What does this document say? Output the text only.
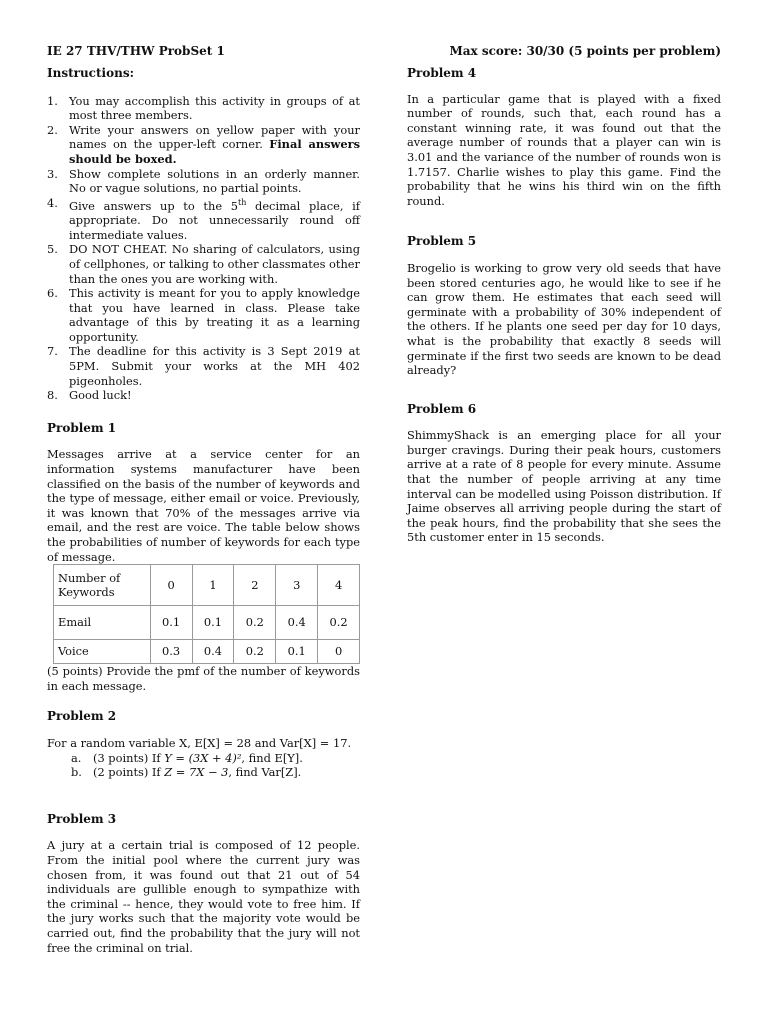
IE 27 THV/THW ProbSet 1	Max score: 30/30 (5 points per problem)
Instructions:
1. You may accomplish this activity in groups of at most three members.
2. Write your answers on yellow paper with your names on the upper-left corner. Final answers should be boxed.
3. Show complete solutions in an orderly manner. No or vague solutions, no partial points.
4. Give answers up to the 5th decimal place, if appropriate. Do not unnecessarily round off intermediate values.
5. DO NOT CHEAT. No sharing of calculators, using of cellphones, or talking to other classmates other than the ones you are working with.
6. This activity is meant for you to apply knowledge that you have learned in class. Please take advantage of this by treating it as a learning opportunity.
7. The deadline for this activity is 3 Sept 2019 at 5PM. Submit your works at the MH 402 pigeonholes.
8. Good luck!
Problem 1

Messages arrive at a service center for an information systems manufacturer have been classified on the basis of the number of keywords and the type of message, either email or voice. Previously, it was known that 70% of the messages arrive via email, and the rest are voice. The table below shows the probabilities of number of keywords for each type of message.

Number of Keywords	0	1	2	3	4
Email	0.1	0.1	0.2	0.4	0.2
Voice	0.3	0.4	0.2	0.1	0

(5 points) Provide the pmf of the number of keywords in each message.

Problem 2

For a random variable X, E[X] = 28 and Var[X] = 17.

a. (3 points) If Y = (3X + 4)², find E[Y].
b. (2 points) If Z = 7X − 3, find Var[Z].
Problem 3

A jury at a certain trial is composed of 12 people. From the initial pool where the current jury was chosen from, it was found out that 21 out of 54 individuals are gullible enough to sympathize with the criminal -- hence, they would vote to free him. If the jury works such that the majority vote would be carried out, find the probability that the jury will not free the criminal on trial.

Problem 4

In a particular game that is played with a fixed number of rounds, such that, each round has a constant winning rate, it was found out that the average number of rounds that a player can win is 3.01 and the variance of the number of rounds won is 1.7157. Charlie wishes to play this game. Find the probability that he wins his third win on the fifth round.

Problem 5

Brogelio is working to grow very old seeds that have been stored centuries ago, he would like to see if he can grow them. He estimates that each seed will germinate with a probability of 30% independent of the others. If he plants one seed per day for 10 days, what is the probability that exactly 8 seeds will germinate if the first two seeds are known to be dead already?

Problem 6

ShimmyShack is an emerging place for all your burger cravings. During their peak hours, customers arrive at a rate of 8 people for every minute. Assume that the number of people arriving at any time interval can be modelled using Poisson distribution. If Jaime observes all arriving people during the start of the peak hours, find the probability that she sees the 5th customer enter in 15 seconds.
